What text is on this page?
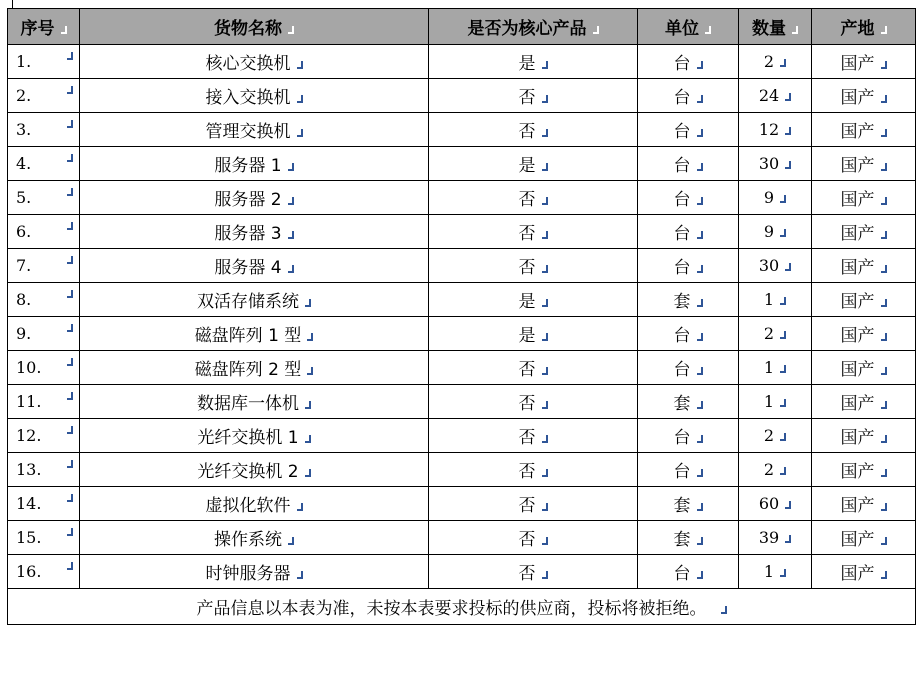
序号	货物名称	是否为核心产品	单位	数量	产地
1.	核心交换机	是	台	2	国产
2.	接入交换机	否	台	24	国产
3.	管理交换机	否	台	12	国产
4.	服务器 1	是	台	30	国产
5.	服务器 2	否	台	9	国产
6.	服务器 3	否	台	9	国产
7.	服务器 4	否	台	30	国产
8.	双活存储系统	是	套	1	国产
9.	磁盘阵列 1 型	是	台	2	国产
10.	磁盘阵列 2 型	否	台	1	国产
11.	数据库一体机	否	套	1	国产
12.	光纤交换机 1	否	台	2	国产
13.	光纤交换机 2	否	台	2	国产
14.	虚拟化软件	否	套	60	国产
15.	操作系统	否	套	39	国产
16.	时钟服务器	否	台	1	国产
产品信息以本表为准，未按本表要求投标的供应商，投标将被拒绝。					
